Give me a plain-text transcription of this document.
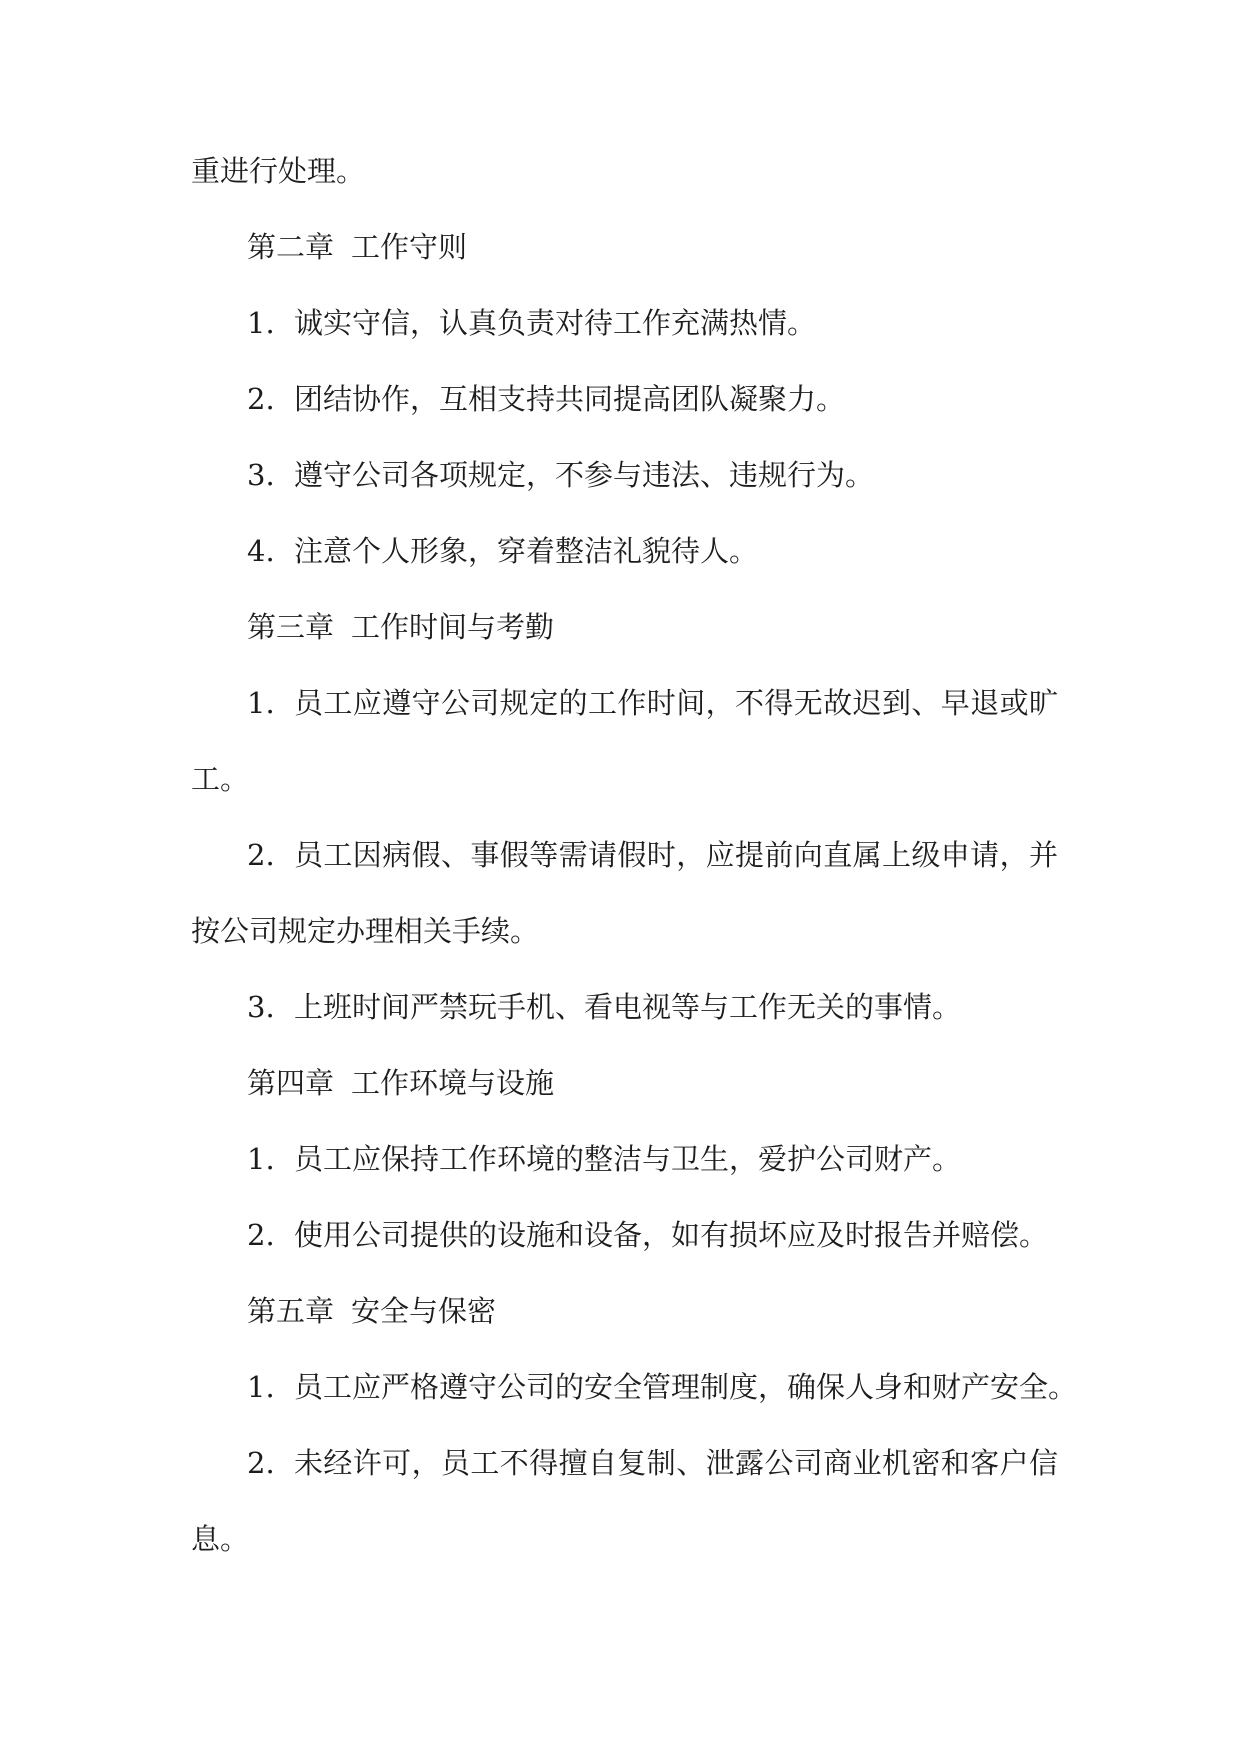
重进行处理。
第二章 工作守则
1. 诚实守信，认真负责对待工作充满热情。
2. 团结协作，互相支持共同提高团队凝聚力。
3. 遵守公司各项规定，不参与违法、违规行为。
4. 注意个人形象，穿着整洁礼貌待人。
第三章 工作时间与考勤
1. 员工应遵守公司规定的工作时间，不得无故迟到、早退或旷
工。
2. 员工因病假、事假等需请假时，应提前向直属上级申请，并
按公司规定办理相关手续。
3. 上班时间严禁玩手机、看电视等与工作无关的事情。
第四章 工作环境与设施
1. 员工应保持工作环境的整洁与卫生，爱护公司财产。
2. 使用公司提供的设施和设备，如有损坏应及时报告并赔偿。
第五章 安全与保密
1. 员工应严格遵守公司的安全管理制度，确保人身和财产安全。
2. 未经许可，员工不得擅自复制、泄露公司商业机密和客户信
息。
